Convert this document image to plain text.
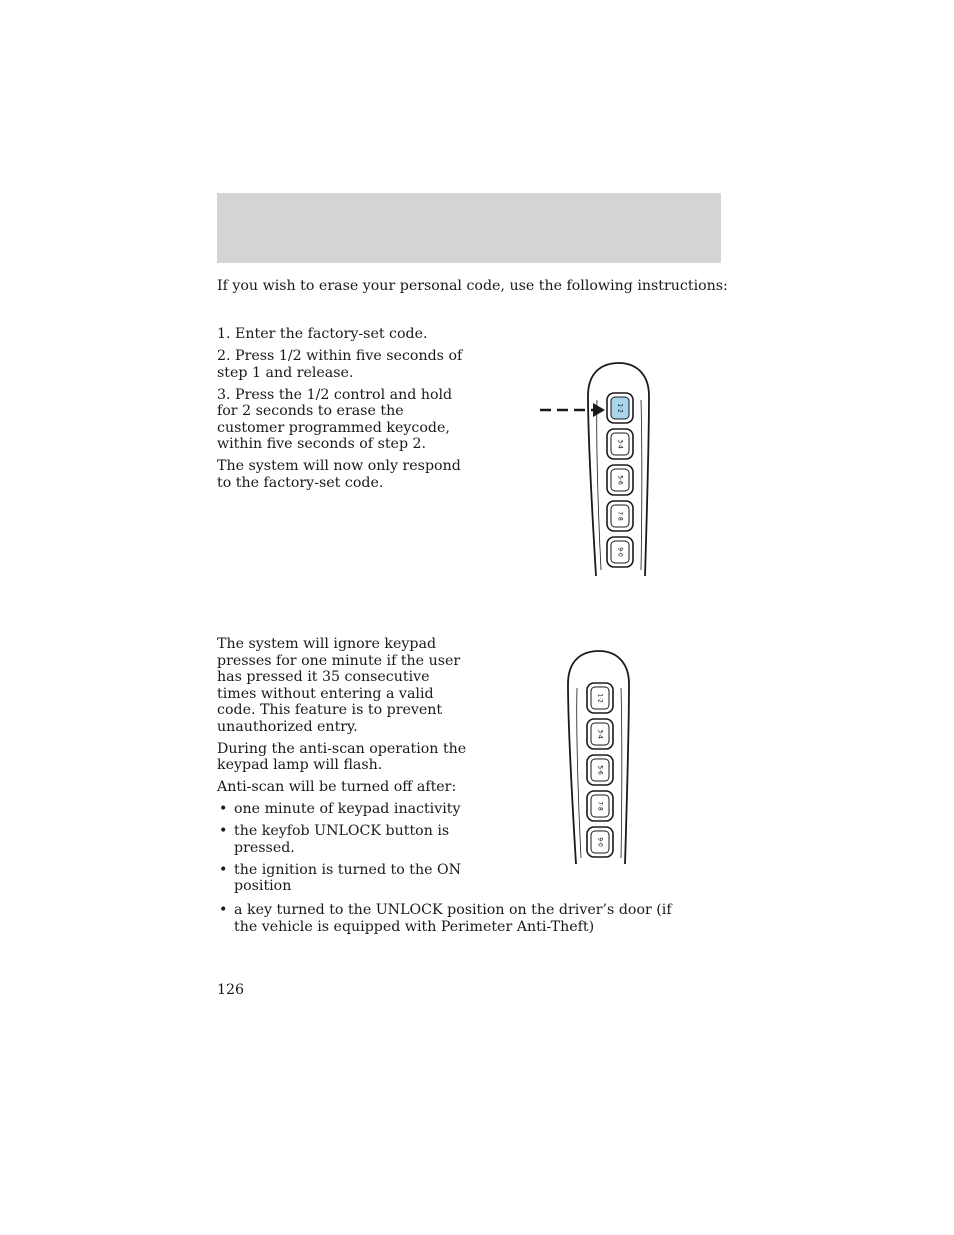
If you wish to erase your personal code, use the following instructions:

1. Enter the factory-set code.

2. Press 1/2 within five seconds of step 1 and release.

3. Press the 1/2 control and hold for 2 seconds to erase the customer programmed keycode, within five seconds of step 2.

The system will now only respond to the factory-set code.

1·2
3·4
5·6
7·8
9·0
1·2
3·4
5·6
7·8
9·0

The system will ignore keypad presses for one minute if the user has pressed it 35 consecutive times without entering a valid code. This feature is to prevent unauthorized entry.

During the anti-scan operation the keypad lamp will flash.

Anti-scan will be turned off after:

• one minute of keypad inactivity
• the keyfob UNLOCK button is pressed.
• the ignition is turned to the ON position
• a key turned to the UNLOCK position on the driver’s door (if the vehicle is equipped with Perimeter Anti-Theft)
126
